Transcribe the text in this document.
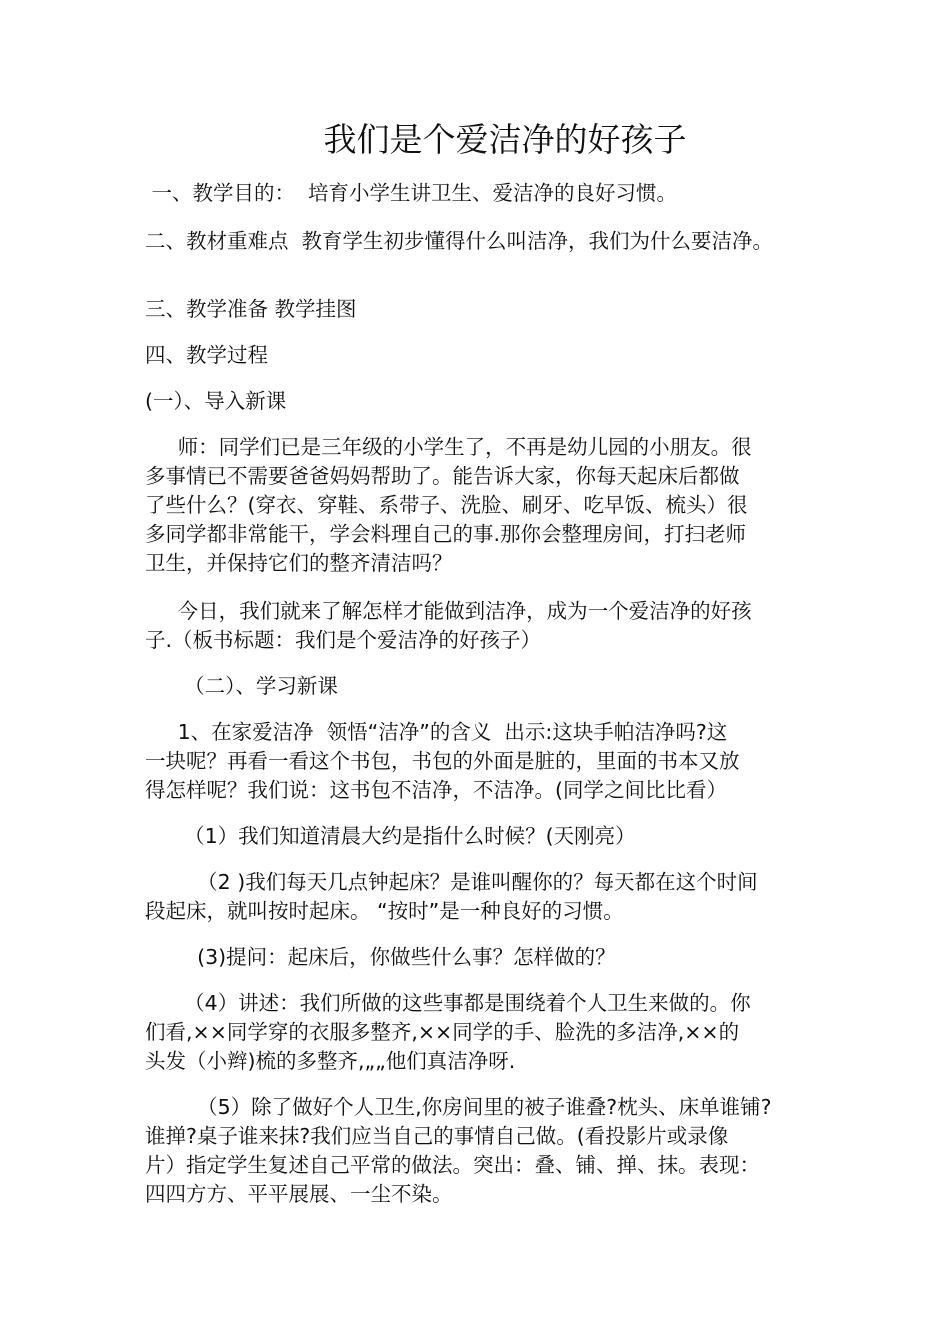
我们是个爱洁净的好孩子

一、教学目的：  培育小学生讲卫生、爱洁净的良好习惯。

二、教材重难点  教育学生初步懂得什么叫洁净，我们为什么要洁净。

三、教学准备 教学挂图

四、教学过程

(一）、导入新课

师：同学们已是三年级的小学生了，不再是幼儿园的小朋友。很

多事情已不需要爸爸妈妈帮助了。能告诉大家，你每天起床后都做

了些什么？(穿衣、穿鞋、系带子、洗脸、刷牙、吃早饭、梳头）很

多同学都非常能干，学会料理自己的事.那你会整理房间，打扫老师

卫生，并保持它们的整齐清洁吗？

今日，我们就来了解怎样才能做到洁净，成为一个爱洁净的好孩

子.（板书标题：我们是个爱洁净的好孩子）

（二）、学习新课

1、在家爱洁净  领悟“洁净”的含义  出示:这块手帕洁净吗?这

一块呢？再看一看这个书包，书包的外面是脏的，里面的书本又放

得怎样呢？我们说：这书包不洁净，不洁净。(同学之间比比看）

（1）我们知道清晨大约是指什么时候？(天刚亮）

（2 )我们每天几点钟起床？是谁叫醒你的？每天都在这个时间

段起床，就叫按时起床。 “按时”是一种良好的习惯。

(3)提问：起床后，你做些什么事？怎样做的？

（4）讲述：我们所做的这些事都是围绕着个人卫生来做的。你

们看,××同学穿的衣服多整齐,××同学的手、脸洗的多洁净,××的

头发（小辫)梳的多整齐,„„他们真洁净呀.

（5）除了做好个人卫生,你房间里的被子谁叠?枕头、床单谁铺?

谁掸?桌子谁来抹?我们应当自己的事情自己做。(看投影片或录像

片）指定学生复述自己平常的做法。突出：叠、铺、掸、抹。表现：

四四方方、平平展展、一尘不染。
